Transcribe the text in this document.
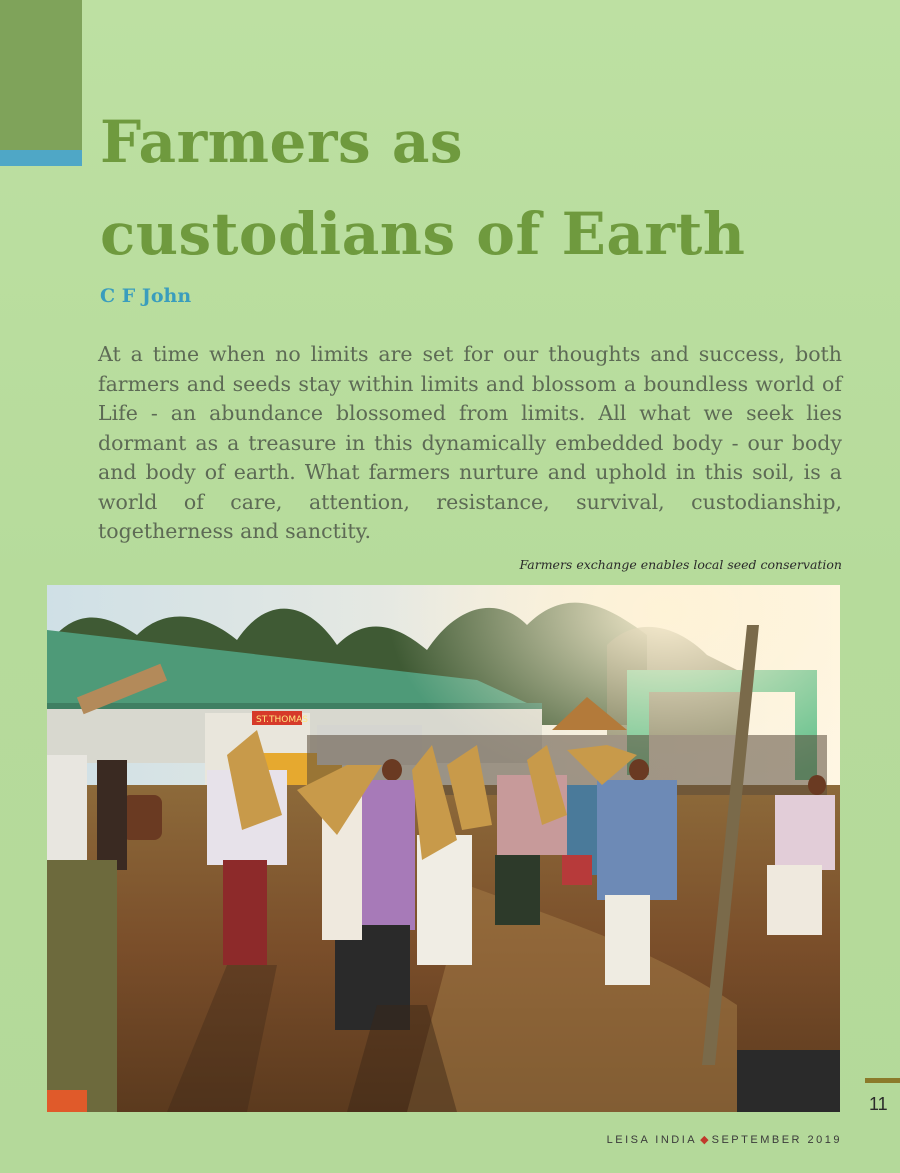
Farmers as
custodians of Earth

C F John

At a time when no limits are set for our thoughts and success, both farmers and seeds stay within limits and blossom a boundless world of Life - an abundance blossomed from limits. All what we seek lies dormant as a treasure in this dynamically embedded body - our body and body of earth. What farmers nurture and uphold in this soil, is a world of care, attention, resistance, survival, custodianship, togetherness and sanctity.

Farmers exchange enables local seed conservation

ST.THOMAS

11

LEISA INDIA ◆ SEPTEMBER 2019
